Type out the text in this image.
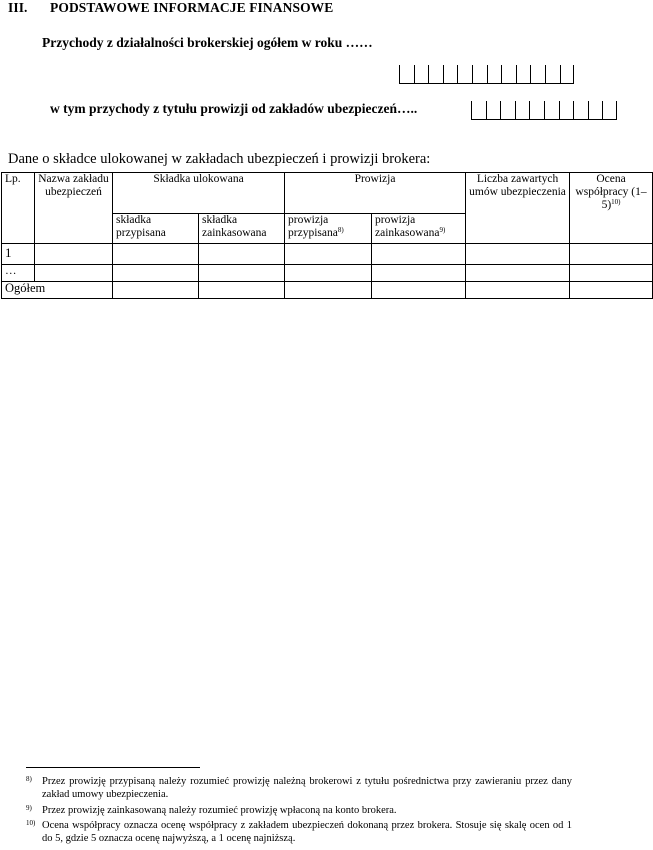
III. PODSTAWOWE INFORMACJE FINANSOWE
Przychody z działalności brokerskiej ogółem w roku ……
w tym przychody z tytułu prowizji od zakładów ubezpieczeń…..
Dane o składce ulokowanej w zakładach ubezpieczeń i prowizji brokera:
Lp.	Nazwa zakładu ubezpieczeń	Składka ulokowana		Prowizja		Liczba zawartych umów ubezpieczenia	Ocena współpracy $(1-5)^{10)}$
		składka przypisana	składka zainkasowana	prowizja przypisana$^{8)}$	prowizja zainkasowana$^{9)}$
1							
…							
Ogółem							
8) Przez prowizję przypisaną należy rozumieć prowizję należną brokerowi z tytułu pośrednictwa przy zawieraniu przez dany zakład umowy ubezpieczenia.
9) Przez prowizję zainkasowaną należy rozumieć prowizję wpłaconą na konto brokera.
10) Ocena współpracy oznacza ocenę współpracy z zakładem ubezpieczeń dokonaną przez brokera. Stosuje się skalę ocen od 1 do 5, gdzie 5 oznacza ocenę najwyższą, a 1 ocenę najniższą.
